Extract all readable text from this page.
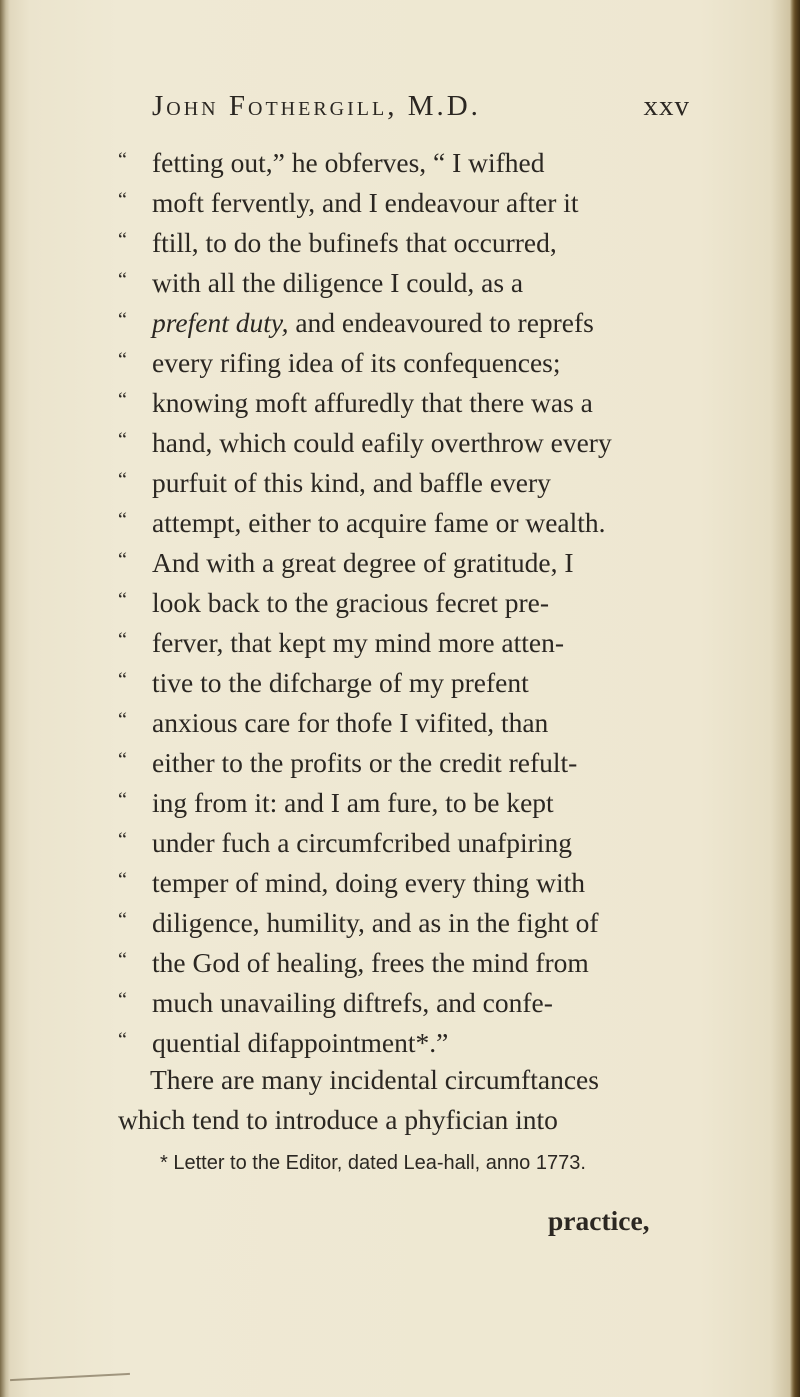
John Fothergill, M.D.	xxv
“ fetting out,” he obferves, “ I wifhed
“ moft fervently, and I endeavour after it
“ ftill, to do the bufinefs that occurred,
“ with all the diligence I could, as a
“ prefent duty, and endeavoured to reprefs
“ every rifing idea of its confequences;
“ knowing moft affuredly that there was a
“ hand, which could eafily overthrow every
“ purfuit of this kind, and baffle every
“ attempt, either to acquire fame or wealth.
“ And with a great degree of gratitude, I
“ look back to the gracious fecret pre-
“ ferver, that kept my mind more atten-
“ tive to the difcharge of my prefent
“ anxious care for thofe I vifited, than
“ either to the profits or the credit refult-
“ ing from it: and I am fure, to be kept
“ under fuch a circumfcribed unafpiring
“ temper of mind, doing every thing with
“ diligence, humility, and as in the fight of
“ the God of healing, frees the mind from
“ much unavailing diftrefs, and confe-
“ quential difappointment*.”
There are many incidental circumftances
which tend to introduce a phyfician into
* Letter to the Editor, dated Lea-hall, anno 1773.
practice,
